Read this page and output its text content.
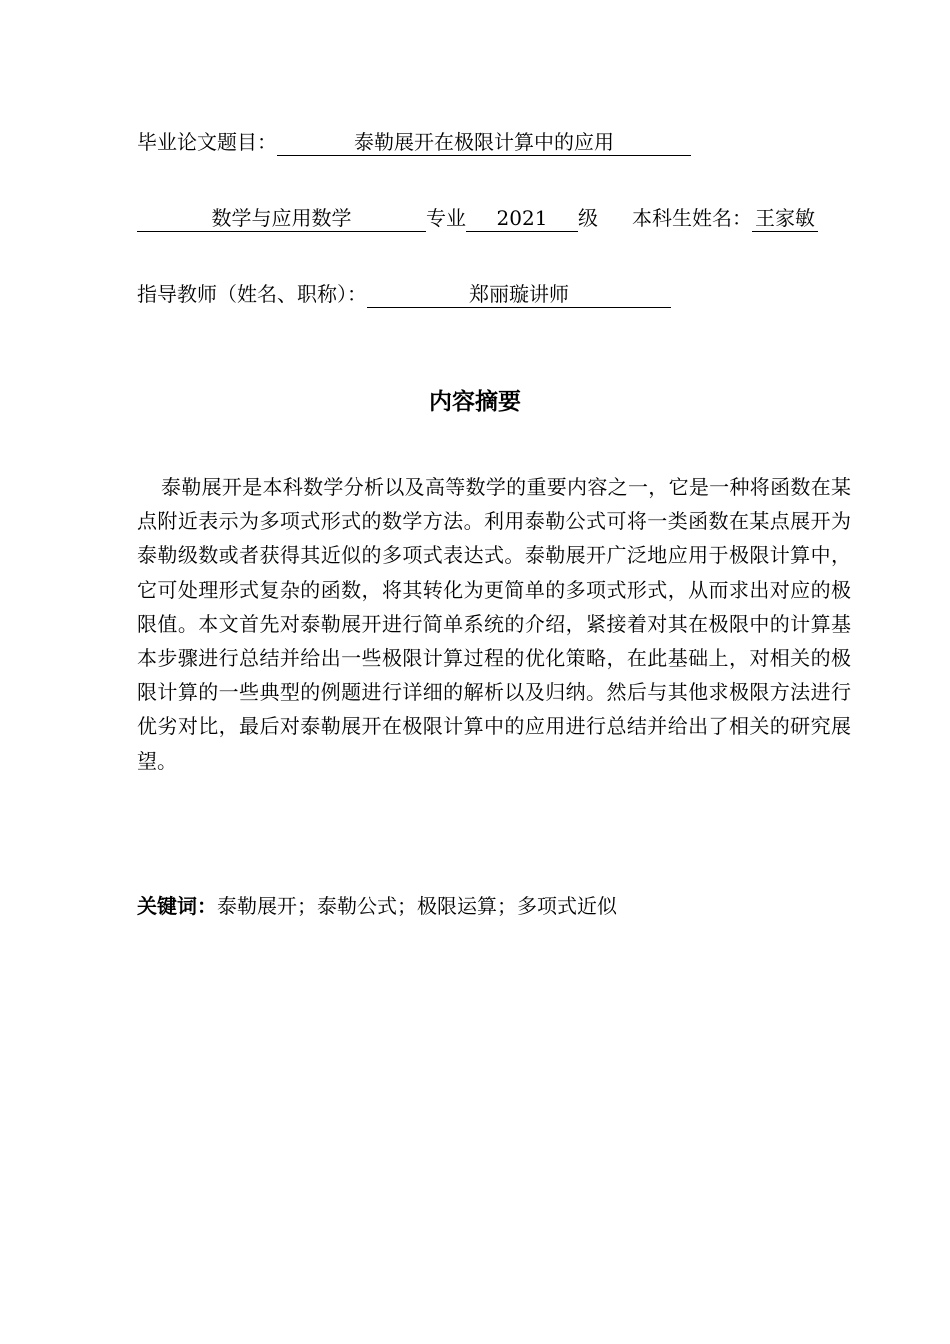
毕业论文题目：	泰勒展开在极限计算中的应用
数学与应用数学	专业 2021 级 本科生姓名： 王家敏
指导教师（姓名、职称）：	郑丽璇讲师
内容摘要
泰勒展开是本科数学分析以及高等数学的重要内容之一，它是一种将函数在某点附近表示为多项式形式的数学方法。利用泰勒公式可将一类函数在某点展开为泰勒级数或者获得其近似的多项式表达式。泰勒展开广泛地应用于极限计算中，它可处理形式复杂的函数，将其转化为更简单的多项式形式，从而求出对应的极限值。本文首先对泰勒展开进行简单系统的介绍，紧接着对其在极限中的计算基本步骤进行总结并给出一些极限计算过程的优化策略，在此基础上，对相关的极限计算的一些典型的例题进行详细的解析以及归纳。然后与其他求极限方法进行优劣对比，最后对泰勒展开在极限计算中的应用进行总结并给出了相关的研究展望。
关键词：泰勒展开；泰勒公式；极限运算；多项式近似
